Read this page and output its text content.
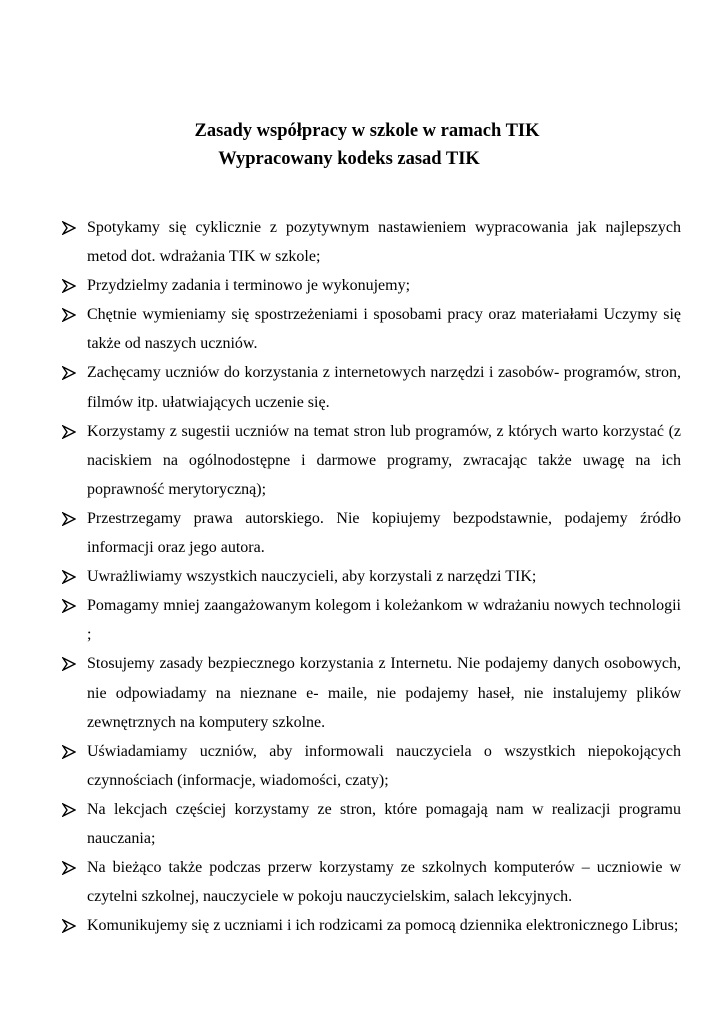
Zasady współpracy w szkole w ramach TIK
Wypracowany kodeks zasad TIK
Spotykamy się cyklicznie z pozytywnym nastawieniem wypracowania jak najlepszych metod dot. wdrażania TIK w szkole;
Przydzielmy zadania i terminowo je wykonujemy;
Chętnie wymieniamy się spostrzeżeniami i sposobami pracy oraz materiałami Uczymy się także od naszych uczniów.
Zachęcamy uczniów do korzystania z internetowych narzędzi i zasobów- programów, stron, filmów itp. ułatwiających uczenie się.
Korzystamy z sugestii uczniów na temat stron lub programów, z których warto korzystać (z naciskiem na ogólnodostępne i darmowe programy, zwracając także uwagę na ich poprawność merytoryczną);
Przestrzegamy prawa autorskiego. Nie kopiujemy bezpodstawnie, podajemy źródło informacji oraz jego autora.
Uwrażliwiamy wszystkich nauczycieli, aby korzystali z narzędzi TIK;
Pomagamy mniej zaangażowanym kolegom i koleżankom w wdrażaniu nowych technologii ;
Stosujemy zasady bezpiecznego korzystania z Internetu. Nie podajemy danych osobowych, nie odpowiadamy na nieznane e- maile, nie podajemy haseł, nie instalujemy plików zewnętrznych na komputery szkolne.
Uświadamiamy uczniów, aby informowali nauczyciela o wszystkich niepokojących czynnościach (informacje, wiadomości, czaty);
Na lekcjach częściej korzystamy ze stron, które pomagają nam w realizacji programu nauczania;
Na bieżąco także podczas przerw korzystamy ze szkolnych komputerów – uczniowie w czytelni szkolnej, nauczyciele w pokoju nauczycielskim, salach lekcyjnych.
Komunikujemy się z uczniami i ich rodzicami za pomocą dziennika elektronicznego Librus;
